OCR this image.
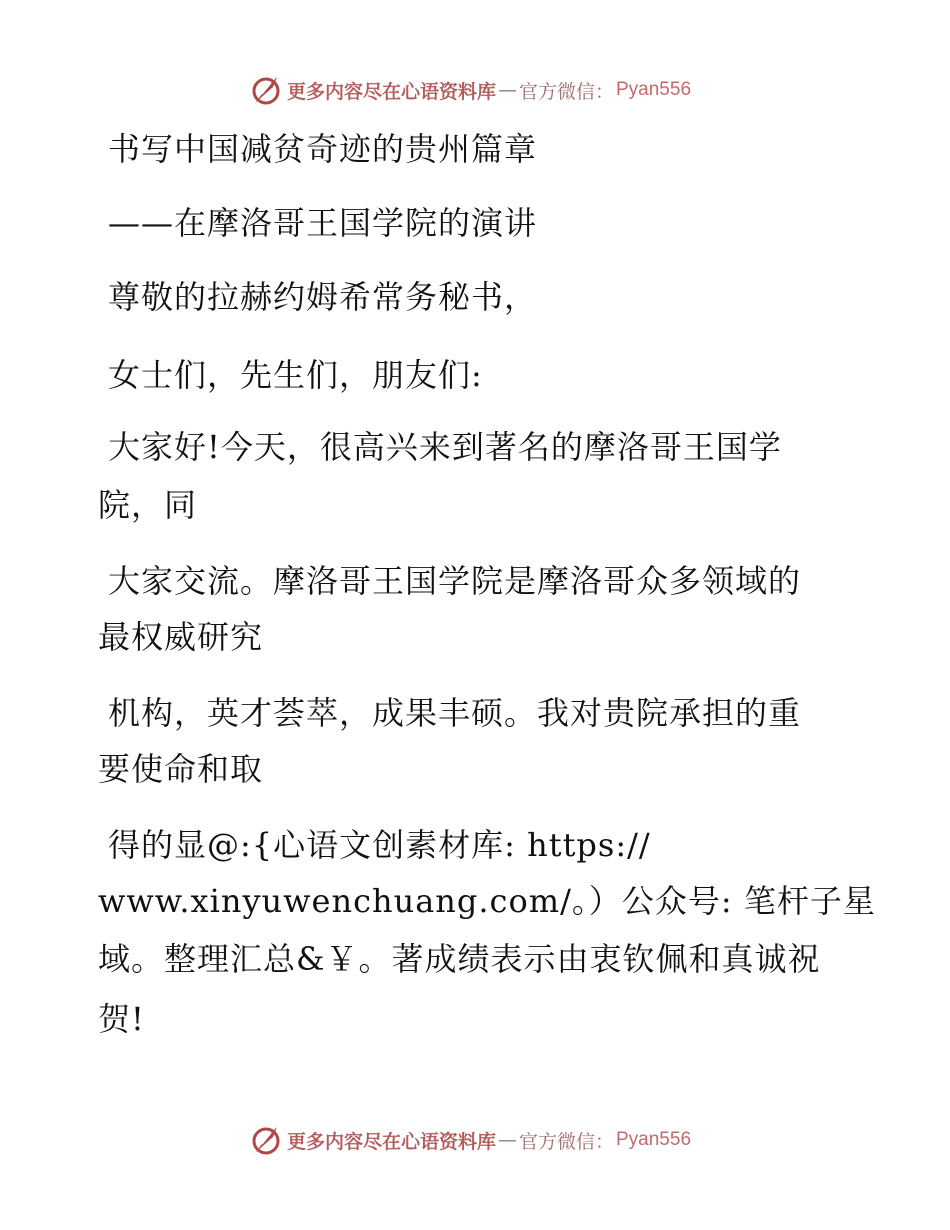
更多内容尽在心语资料库 — 官方微信： Pyan556
书写中国减贫奇迹的贵州篇章
——在摩洛哥王国学院的演讲
尊敬的拉赫约姆希常务秘书，
女士们，先生们，朋友们:
大家好!今天，很高兴来到著名的摩洛哥王国学
院，同
大家交流。摩洛哥王国学院是摩洛哥众多领域的
最权威研究
机构，英才荟萃，成果丰硕。我对贵院承担的重
要使命和取
得的显@:{心语文创素材库: https://
www.xinyuwenchuang.com/。）公众号: 笔杆子星
域。整理汇总&￥。著成绩表示由衷钦佩和真诚祝
贺!
更多内容尽在心语资料库 — 官方微信： Pyan556
